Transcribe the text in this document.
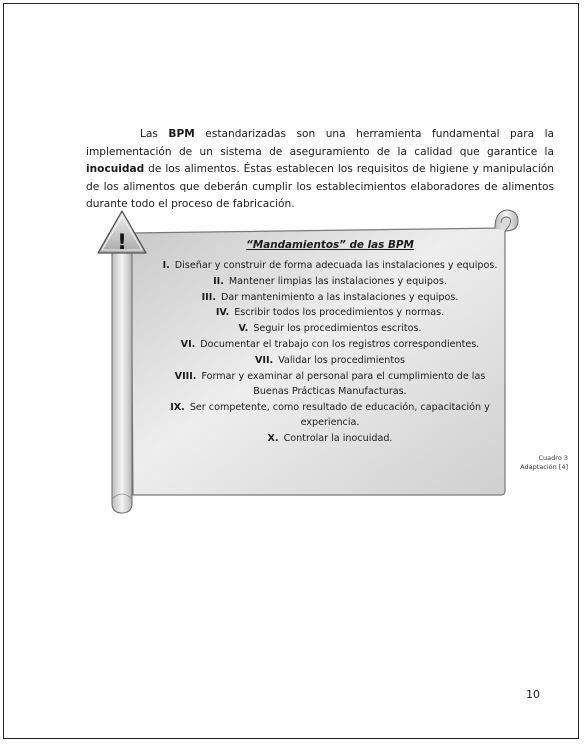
Las BPM estandarizadas son una herramienta fundamental para la implementación de un sistema de aseguramiento de la calidad que garantice la inocuidad de los alimentos. Éstas establecen los requisitos de higiene y manipulación de los alimentos que deberán cumplir los establecimientos elaboradores de alimentos durante todo el proceso de fabricación.

!	“Mandamientos” de las BPM
I. Diseñar y construir de forma adecuada las instalaciones y equipos.
II. Mantener limpias las instalaciones y equipos.
III. Dar mantenimiento a las instalaciones y equipos.
IV. Escribir todos los procedimientos y normas.
V. Seguir los procedimientos escritos.
VI. Documentar el trabajo con los registros correspondientes.
VII. Validar los procedimientos
VIII. Formar y examinar al personal para el cumplimiento de las Buenas Prácticas Manufacturas.
IX. Ser competente, como resultado de educación, capacitación y experiencia.
X. Controlar la inocuidad.
Cuadro 3
Adaptación [4]
10
